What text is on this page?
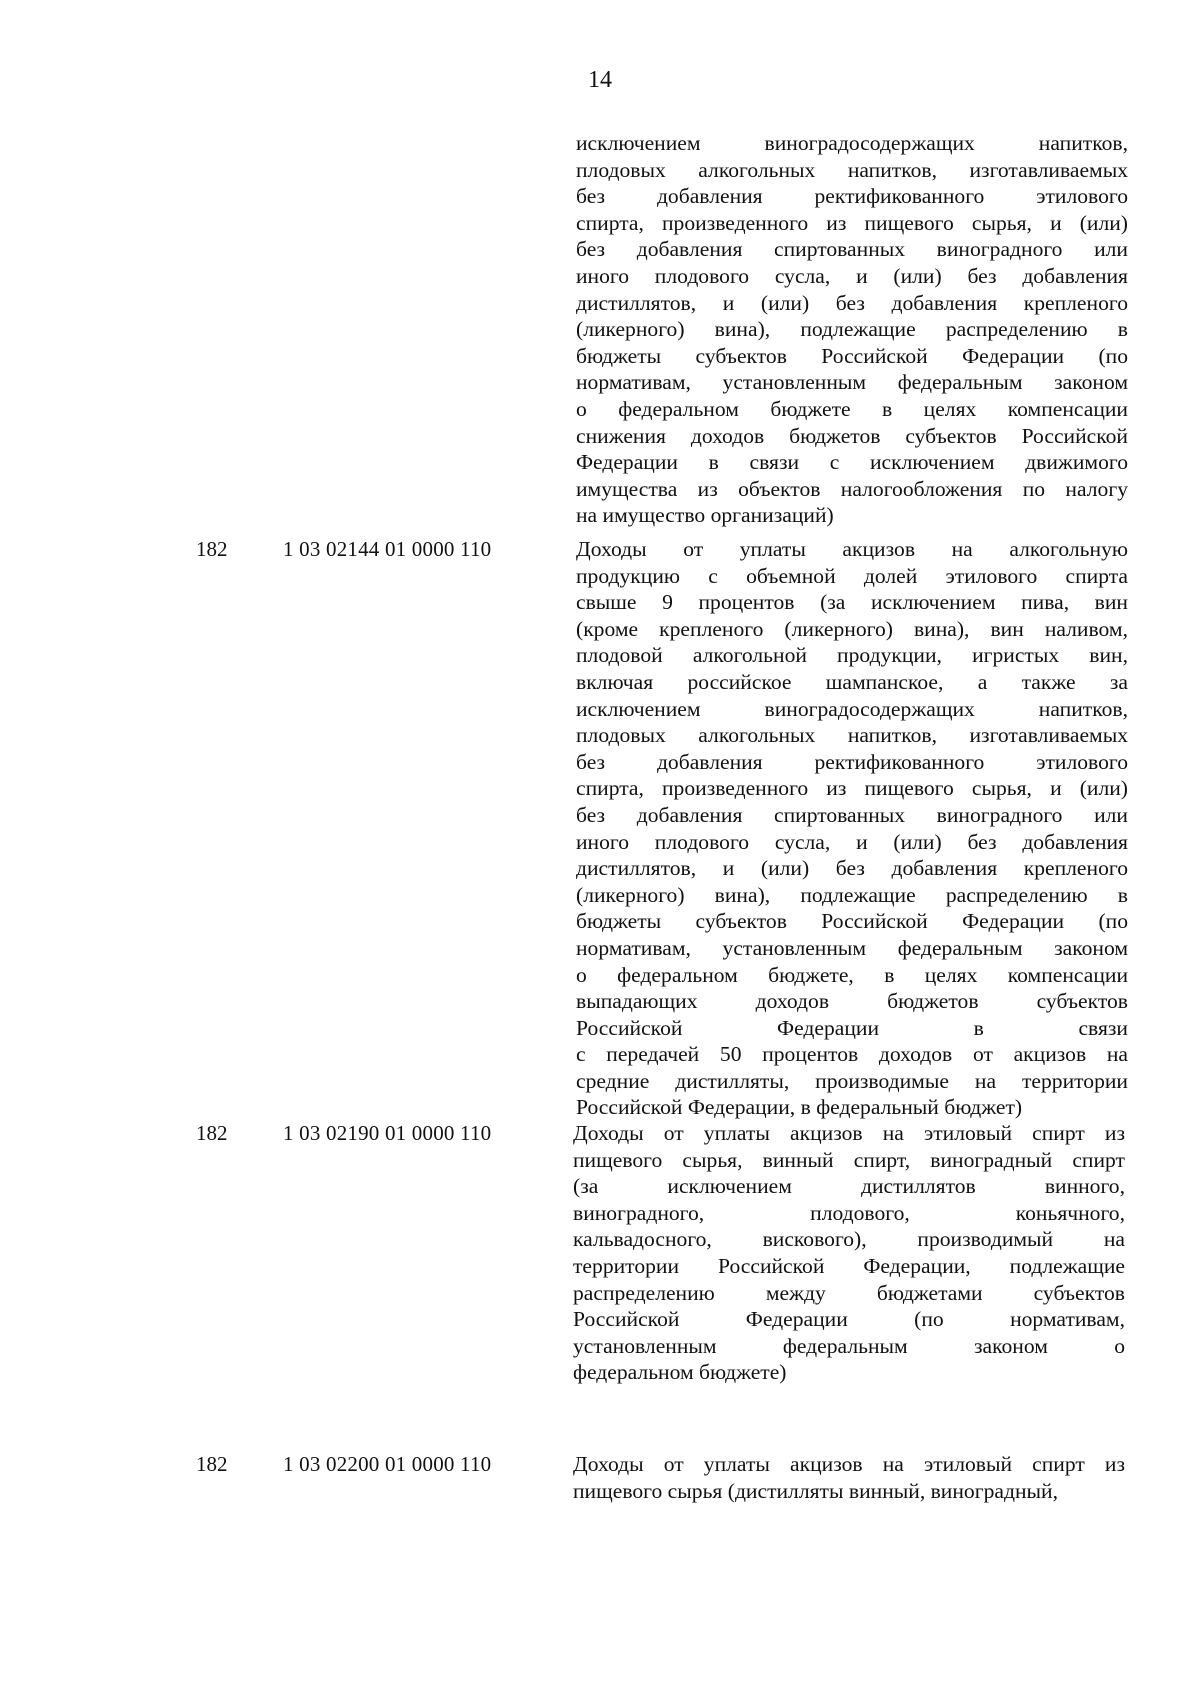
14
исключением виноградосодержащих напитков,
плодовых алкогольных напитков, изготавливаемых
без добавления ректификованного этилового
спирта, произведенного из пищевого сырья, и (или)
без добавления спиртованных виноградного или
иного плодового сусла, и (или) без добавления
дистиллятов, и (или) без добавления крепленого
(ликерного) вина), подлежащие распределению в
бюджеты субъектов Российской Федерации (по
нормативам, установленным федеральным законом
о федеральном бюджете в целях компенсации
снижения доходов бюджетов субъектов Российской
Федерации в связи с исключением движимого
имущества из объектов налогообложения по налогу
на имущество организаций)
182	1 03 02144 01 0000 110	Доходы от уплаты акцизов на алкогольную
продукцию с объемной долей этилового спирта
свыше 9 процентов (за исключением пива, вин
(кроме крепленого (ликерного) вина), вин наливом,
плодовой алкогольной продукции, игристых вин,
включая российское шампанское, а также за
исключением виноградосодержащих напитков,
плодовых алкогольных напитков, изготавливаемых
без добавления ректификованного этилового
спирта, произведенного из пищевого сырья, и (или)
без добавления спиртованных виноградного или
иного плодового сусла, и (или) без добавления
дистиллятов, и (или) без добавления крепленого
(ликерного) вина), подлежащие распределению в
бюджеты субъектов Российской Федерации (по
нормативам, установленным федеральным законом
о федеральном бюджете, в целях компенсации
выпадающих доходов бюджетов субъектов
Российской Федерации в связи
с передачей 50 процентов доходов от акцизов на
средние дистилляты, производимые на территории
Российской Федерации, в федеральный бюджет)
182	1 03 02190 01 0000 110	Доходы от уплаты акцизов на этиловый спирт из
пищевого сырья, винный спирт, виноградный спирт
(за исключением дистиллятов винного,
виноградного, плодового, коньячного,
кальвадосного, вискового), производимый на
территории Российской Федерации, подлежащие
распределению между бюджетами субъектов
Российской Федерации (по нормативам,
установленным федеральным законом о
федеральном бюджете)
182	1 03 02200 01 0000 110	Доходы от уплаты акцизов на этиловый спирт из
пищевого сырья (дистилляты винный, виноградный,
